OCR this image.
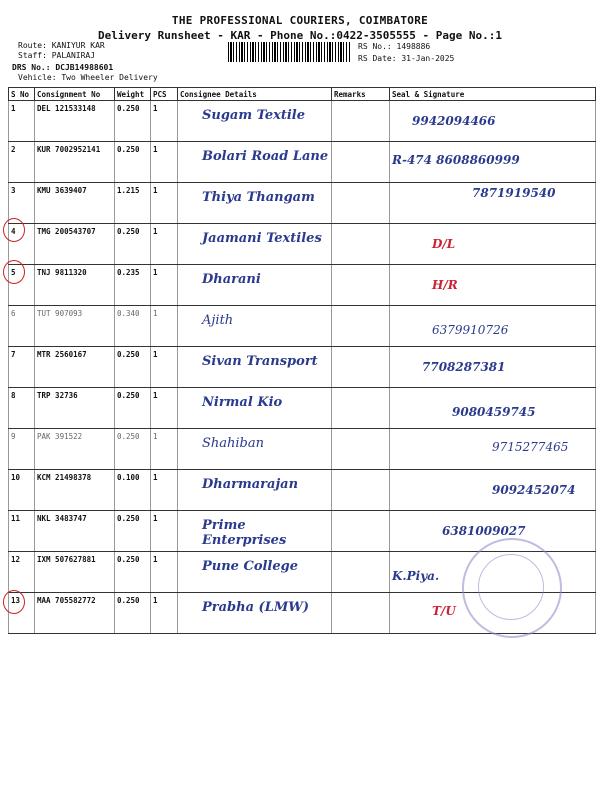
THE PROFESSIONAL COURIERS, COIMBATORE
Delivery Runsheet - KAR - Phone No.:0422-3505555 - Page No.:1
Route: KANIYUR KAR
Staff: PALANIRAJ
DRS No.: DCJB14988601
Vehicle: Two Wheeler Delivery
RS No.: 1498886
RS Date: 31-Jan-2025
S No	Consignment No	Weight	PCS	Consignee Details	Remarks	Seal & Signature
1	DEL 121533148	0.250	1	Sugam Textile		9942094466

2	KUR 7002952141	0.250	1	Bolari Road Lane		R-474 8608860999

3	KMU 3639407	1.215	1	Thiya Thangam		7871919540

4	TMG 200543707	0.250	1	Jaamani Textiles		D/L

5	TNJ 9811320	0.235	1	Dharani		H/R

6	TUT 907093	0.340	1	Ajith		6379910726

7	MTR 2560167	0.250	1	Sivan Transport		7708287381

8	TRP 32736	0.250	1	Nirmal Kio		9080459745

9	PAK 391522	0.250	1	Shahiban		9715277465

10	KCM 21498378	0.100	1	Dharmarajan		9092452074

11	NKL 3483747	0.250	1	Prime Enterprises		6381009027

12	IXM 507627881	0.250	1	Pune College		K.Piya.

13	MAA 705582772	0.250	1	Prabha (LMW)		T/U
